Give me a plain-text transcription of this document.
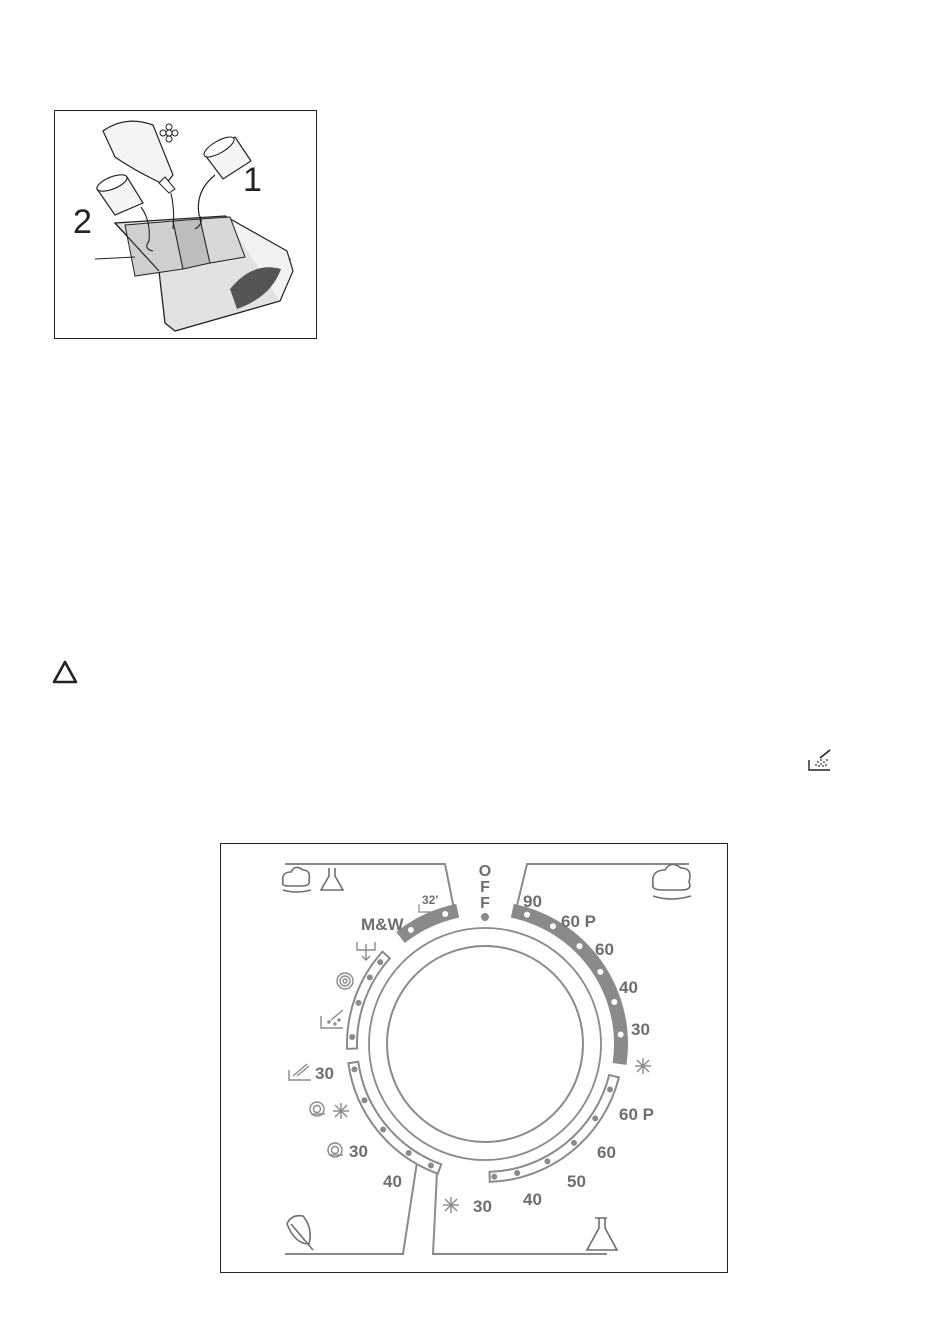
1
2
O
F
F
32'
M&W
90
60 P
60
40
30
60 P
60
50
40
30
30
30
40
